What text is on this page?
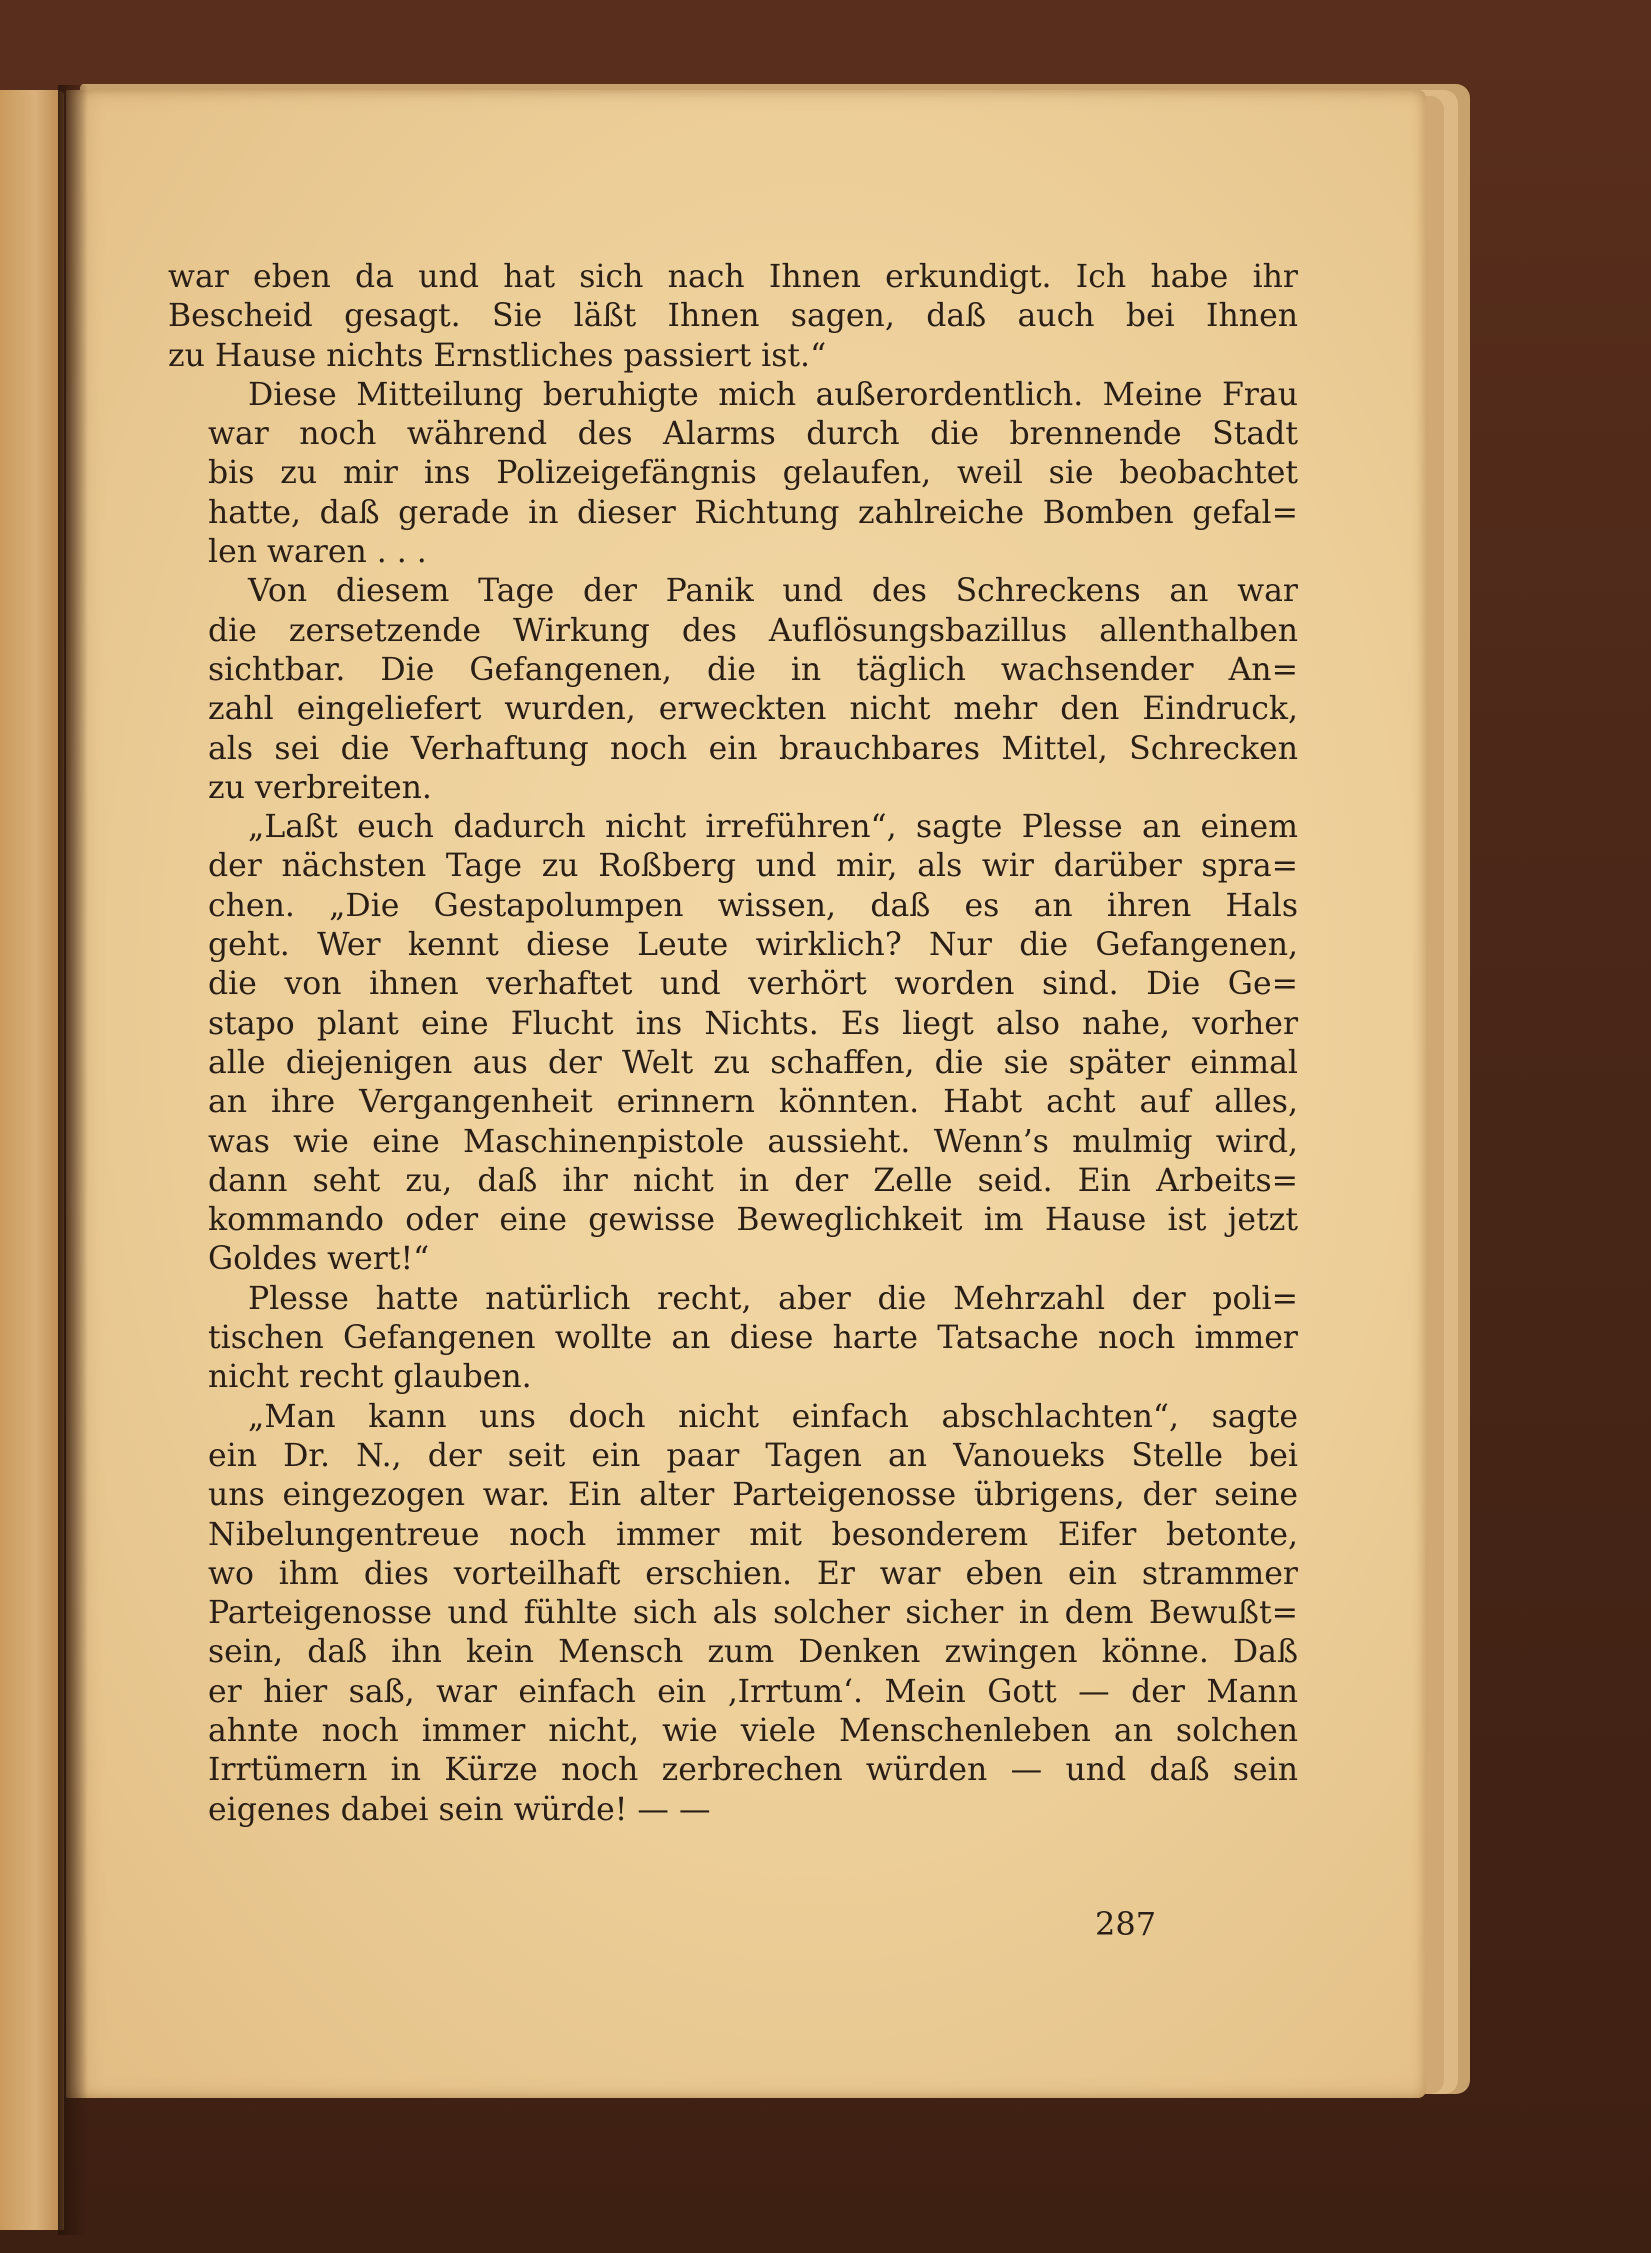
war eben da und hat sich nach Ihnen erkundigt. Ich habe ihr
Bescheid gesagt. Sie läßt Ihnen sagen, daß auch bei Ihnen
zu Hause nichts Ernstliches passiert ist.“
Diese Mitteilung beruhigte mich außerordentlich. Meine Frau
war noch während des Alarms durch die brennende Stadt
bis zu mir ins Polizeigefängnis gelaufen, weil sie beobachtet
hatte, daß gerade in dieser Richtung zahlreiche Bomben gefal=
len waren . . .
Von diesem Tage der Panik und des Schreckens an war
die zersetzende Wirkung des Auflösungsbazillus allenthalben
sichtbar. Die Gefangenen, die in täglich wachsender An=
zahl eingeliefert wurden, erweckten nicht mehr den Eindruck,
als sei die Verhaftung noch ein brauchbares Mittel, Schrecken
zu verbreiten.
„Laßt euch dadurch nicht irreführen“, sagte Plesse an einem
der nächsten Tage zu Roßberg und mir, als wir darüber spra=
chen. „Die Gestapolumpen wissen, daß es an ihren Hals
geht. Wer kennt diese Leute wirklich? Nur die Gefangenen,
die von ihnen verhaftet und verhört worden sind. Die Ge=
stapo plant eine Flucht ins Nichts. Es liegt also nahe, vorher
alle diejenigen aus der Welt zu schaffen, die sie später einmal
an ihre Vergangenheit erinnern könnten. Habt acht auf alles,
was wie eine Maschinenpistole aussieht. Wenn’s mulmig wird,
dann seht zu, daß ihr nicht in der Zelle seid. Ein Arbeits=
kommando oder eine gewisse Beweglichkeit im Hause ist jetzt
Goldes wert!“
Plesse hatte natürlich recht, aber die Mehrzahl der poli=
tischen Gefangenen wollte an diese harte Tatsache noch immer
nicht recht glauben.
„Man kann uns doch nicht einfach abschlachten“, sagte
ein Dr. N., der seit ein paar Tagen an Vanoueks Stelle bei
uns eingezogen war. Ein alter Parteigenosse übrigens, der seine
Nibelungentreue noch immer mit besonderem Eifer betonte,
wo ihm dies vorteilhaft erschien. Er war eben ein strammer
Parteigenosse und fühlte sich als solcher sicher in dem Bewußt=
sein, daß ihn kein Mensch zum Denken zwingen könne. Daß
er hier saß, war einfach ein ‚Irrtum‘. Mein Gott — der Mann
ahnte noch immer nicht, wie viele Menschenleben an solchen
Irrtümern in Kürze noch zerbrechen würden — und daß sein
eigenes dabei sein würde! — —
287
